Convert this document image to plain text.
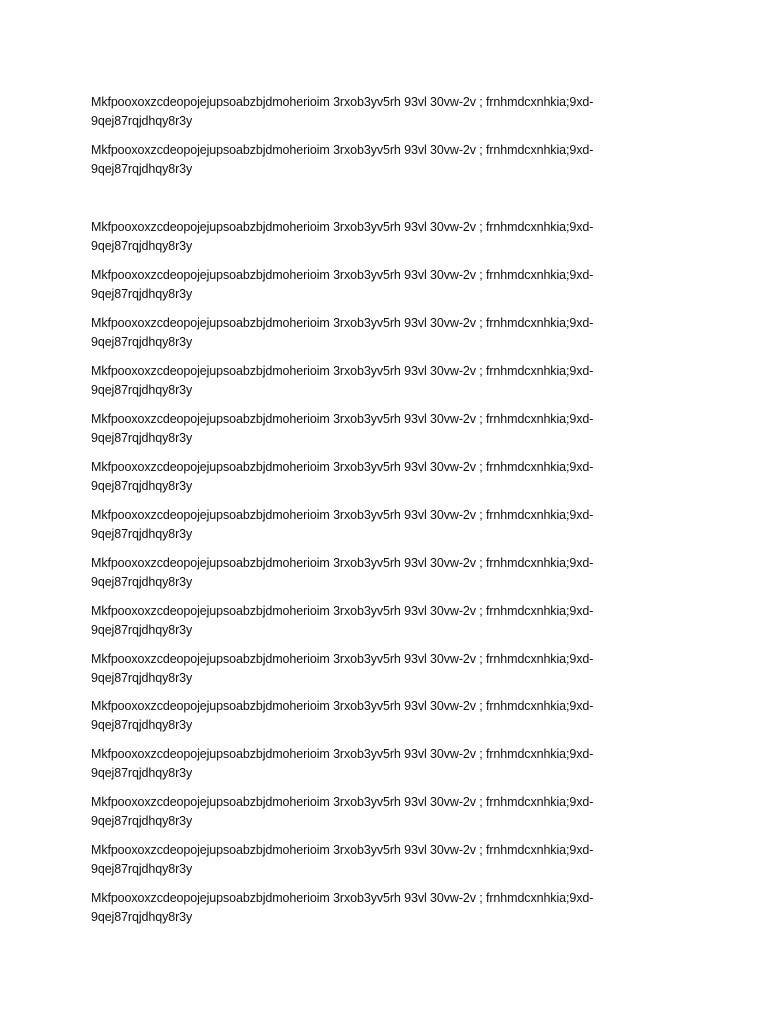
Mkfpooxoxzcdeopojejupsoabzbjdmoherioim 3rxob3yv5rh 93vl 30vw-2v ; frnhmdcxnhkia;9xd-
9qej87rqjdhqy8r3y

Mkfpooxoxzcdeopojejupsoabzbjdmoherioim 3rxob3yv5rh 93vl 30vw-2v ; frnhmdcxnhkia;9xd-
9qej87rqjdhqy8r3y

Mkfpooxoxzcdeopojejupsoabzbjdmoherioim 3rxob3yv5rh 93vl 30vw-2v ; frnhmdcxnhkia;9xd-
9qej87rqjdhqy8r3y

Mkfpooxoxzcdeopojejupsoabzbjdmoherioim 3rxob3yv5rh 93vl 30vw-2v ; frnhmdcxnhkia;9xd-
9qej87rqjdhqy8r3y

Mkfpooxoxzcdeopojejupsoabzbjdmoherioim 3rxob3yv5rh 93vl 30vw-2v ; frnhmdcxnhkia;9xd-
9qej87rqjdhqy8r3y

Mkfpooxoxzcdeopojejupsoabzbjdmoherioim 3rxob3yv5rh 93vl 30vw-2v ; frnhmdcxnhkia;9xd-
9qej87rqjdhqy8r3y

Mkfpooxoxzcdeopojejupsoabzbjdmoherioim 3rxob3yv5rh 93vl 30vw-2v ; frnhmdcxnhkia;9xd-
9qej87rqjdhqy8r3y

Mkfpooxoxzcdeopojejupsoabzbjdmoherioim 3rxob3yv5rh 93vl 30vw-2v ; frnhmdcxnhkia;9xd-
9qej87rqjdhqy8r3y

Mkfpooxoxzcdeopojejupsoabzbjdmoherioim 3rxob3yv5rh 93vl 30vw-2v ; frnhmdcxnhkia;9xd-
9qej87rqjdhqy8r3y

Mkfpooxoxzcdeopojejupsoabzbjdmoherioim 3rxob3yv5rh 93vl 30vw-2v ; frnhmdcxnhkia;9xd-
9qej87rqjdhqy8r3y

Mkfpooxoxzcdeopojejupsoabzbjdmoherioim 3rxob3yv5rh 93vl 30vw-2v ; frnhmdcxnhkia;9xd-
9qej87rqjdhqy8r3y

Mkfpooxoxzcdeopojejupsoabzbjdmoherioim 3rxob3yv5rh 93vl 30vw-2v ; frnhmdcxnhkia;9xd-
9qej87rqjdhqy8r3y

Mkfpooxoxzcdeopojejupsoabzbjdmoherioim 3rxob3yv5rh 93vl 30vw-2v ; frnhmdcxnhkia;9xd-
9qej87rqjdhqy8r3y

Mkfpooxoxzcdeopojejupsoabzbjdmoherioim 3rxob3yv5rh 93vl 30vw-2v ; frnhmdcxnhkia;9xd-
9qej87rqjdhqy8r3y

Mkfpooxoxzcdeopojejupsoabzbjdmoherioim 3rxob3yv5rh 93vl 30vw-2v ; frnhmdcxnhkia;9xd-
9qej87rqjdhqy8r3y

Mkfpooxoxzcdeopojejupsoabzbjdmoherioim 3rxob3yv5rh 93vl 30vw-2v ; frnhmdcxnhkia;9xd-
9qej87rqjdhqy8r3y

Mkfpooxoxzcdeopojejupsoabzbjdmoherioim 3rxob3yv5rh 93vl 30vw-2v ; frnhmdcxnhkia;9xd-
9qej87rqjdhqy8r3y
